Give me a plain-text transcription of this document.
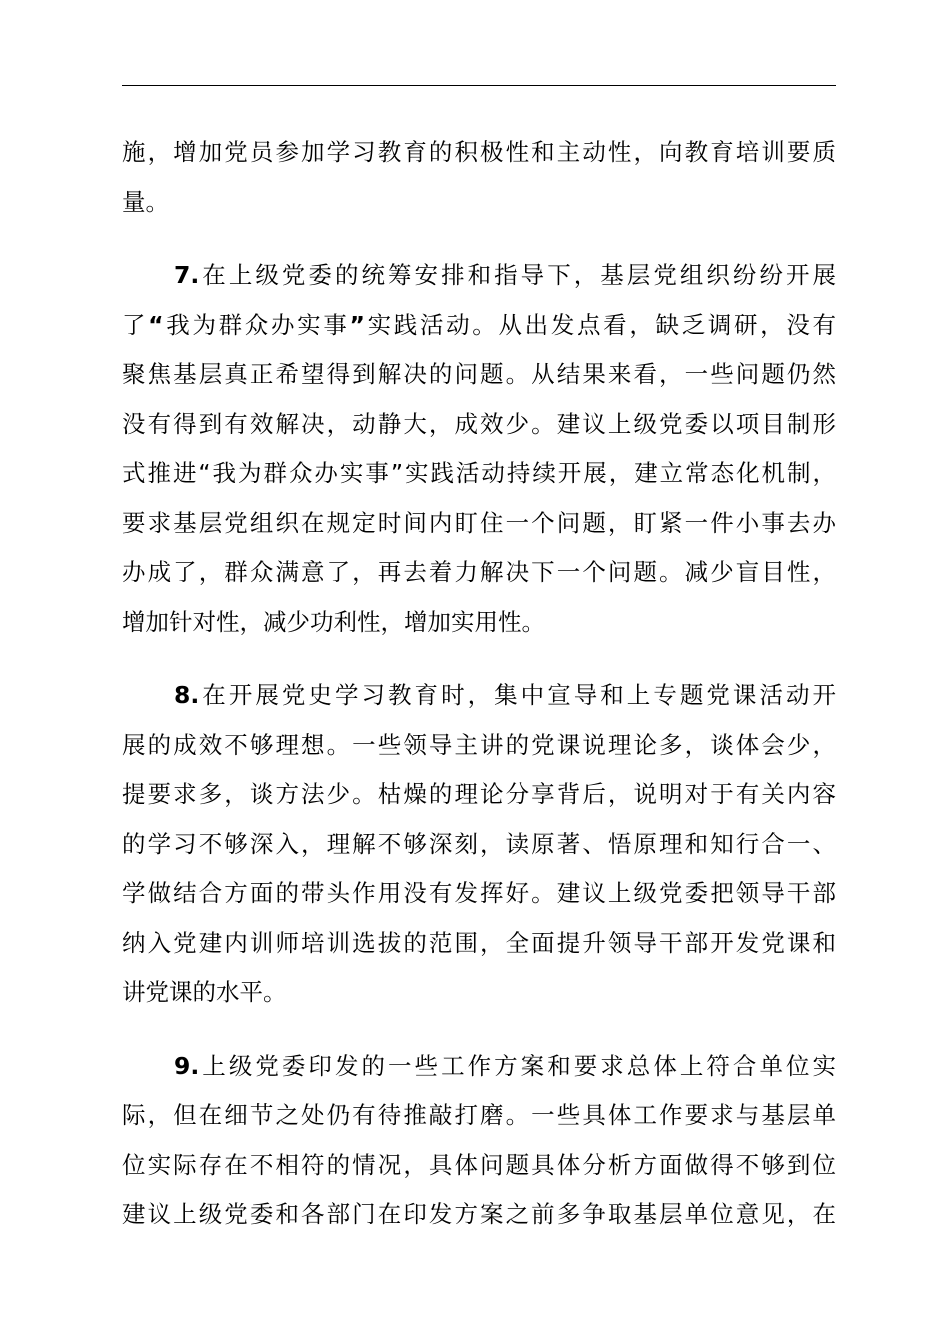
施，增加党员参加学习教育的积极性和主动性，向教育培训要质
量。

7.在上级党委的统筹安排和指导下，基层党组织纷纷开展
了“我为群众办实事”实践活动。从出发点看，缺乏调研，没有
聚焦基层真正希望得到解决的问题。从结果来看，一些问题仍然
没有得到有效解决，动静大，成效少。建议上级党委以项目制形
式推进“我为群众办实事”实践活动持续开展，建立常态化机制，
要求基层党组织在规定时间内盯住一个问题，盯紧一件小事去办
办成了，群众满意了，再去着力解决下一个问题。减少盲目性，
增加针对性，减少功利性，增加实用性。

8.在开展党史学习教育时，集中宣导和上专题党课活动开
展的成效不够理想。一些领导主讲的党课说理论多，谈体会少，
提要求多，谈方法少。枯燥的理论分享背后，说明对于有关内容
的学习不够深入，理解不够深刻，读原著、悟原理和知行合一、
学做结合方面的带头作用没有发挥好。建议上级党委把领导干部
纳入党建内训师培训选拔的范围，全面提升领导干部开发党课和
讲党课的水平。

9.上级党委印发的一些工作方案和要求总体上符合单位实
际，但在细节之处仍有待推敲打磨。一些具体工作要求与基层单
位实际存在不相符的情况，具体问题具体分析方面做得不够到位
建议上级党委和各部门在印发方案之前多争取基层单位意见，在
